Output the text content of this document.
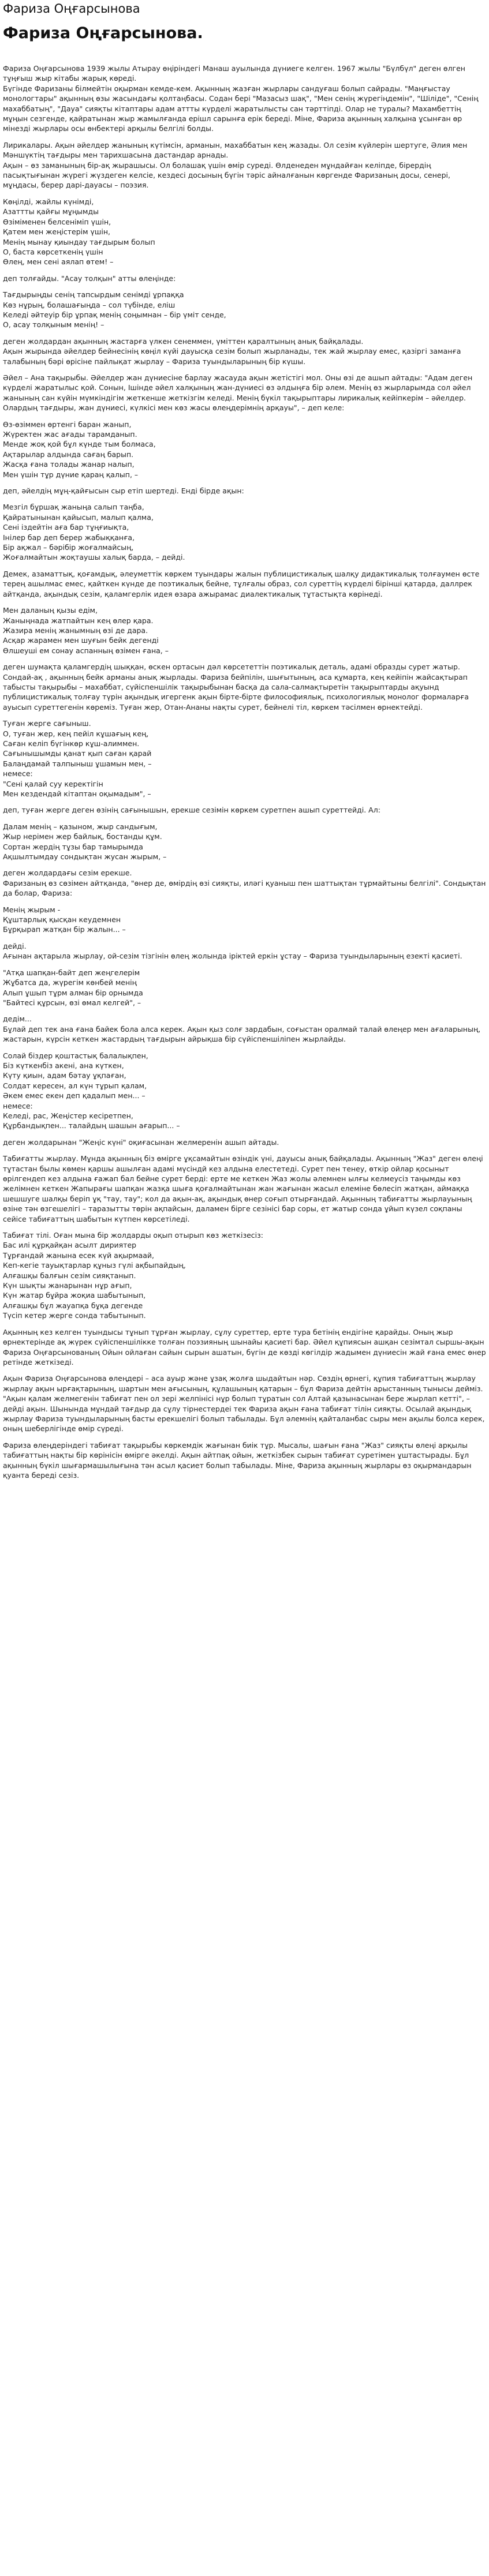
Фариза Оңғарсынова
Фариза Оңғарсынова.

Фариза Оңғарсынова 1939 жылы Атырау өңіріндегі Манаш ауылында дүниеге келген. 1967 жылы "Бүлбүл" деген өлген тұңғыш жыр кітабы жарық көреді.
Бүгінде Фаризаны білмейтін оқырман кемде-кем. Ақынның жазған жырлары сандуғаш болып сайрады. "Маңғыстау монологтары" ақынның өзы жасындағы қолтаңбасы. Содан бері "Мазасыз шақ", "Мен сенің жүрегіңдемін", "Шіліде", "Сенің махаббатың", "Дауа" сияқты кітаптары адам аттты күрделі жаратылысты сан тәрттіпді. Олар не туралы? Махамбеттің мұңын сезгенде, қайратынан жыр жамылғанда ерішл сарынға ерік береді. Міне, Фариза ақынның халқына ұсынған өр мінезді жырлары осы өнбектері арқылы белгілі болды.

Лирикалары. Ақын әйелдер жанының күтімсін, арманын, махаббатын кең жазады. Ол сезім күйлерін шертуге, Әлия мен Мәншүктің тағдыры мен тарихшасына дастандар арнады.
Ақын – өз заманының бір-ақ жырашысы. Ол болашақ үшін өмір суреді. Өлденеден мұндайған келіпде, бірердің пасықтығынан жүрегі жүздеген келсіе, кездесі досының бүгін тәріс айналғанын көргенде Фаризаның досы, сенері, мұңдасы, берер дарі-дауасы – поэзия.

Көңілді, жайлы күнімді,
Азаттты қайғы мұңымды
Өзіміменен белсеніміп үшін,
Қатем мен жеңістерім үшін,
Менің мынау қиындау тағдырым болып
О, баста көрсеткенің үшін
Өлең, мен сені аялап өтем! –

деп толғайды. "Асау толқын" атты өлеңінде:

Тағдырыңды сенің тапсырдым сенімді ұрпаққа
Көз нұрың, болашағыңда – сол түбінде, еліш
Келеді әйтеуір бір ұрпақ менің соңымнан – бір үміт сенде,
О, асау толқыным менің! –

деген жолдардан ақынның жастарға үлкен сенеммен, үміттен қаралтының анық байқалады.
Ақын жырында әйелдер бейнесінің көңіл күйі дауысқа сезім болып жырланады, тек жай жырлау емес, қазіргі заманға талабының бәрі өрісіне пайлықат жырлау – Фариза туындыларының бір күшы.

Әйел – Ана тақырыбы. Әйелдер жан дүниесіне барлау жасауда ақын жетістігі мол. Оны өзі де ашып айтады: "Адам деген күрделі жаратылыс қой. Сонын, Ішінде әйел халқының жан-дүниесі өз әлдыңға бір әлем. Менің өз жырларымда сол әйел жанының сан күйін мүмкіндігім жеткенше жеткізгім келеді. Менің бүкіл тақырыптары лирикалық кейіпкерім – әйелдер. Олардың тағдыры, жан дүниесі, күлкісі мен көз жасы өлеңдерімнің арқауы", – деп келе:

Өз-өзіммен өртенгі баран жанып,
Жүректен жас ағады тарамданып.
Менде жоқ қой бұл күнде тым болмаса,
Ақтарылар алдында сағаң барып.
Жасқа ғана толады жанар налып,
Мен үшін тұр дүние қараң қалып, –

деп, әйелдің мұң-қайғысын сыр етіп шертеді. Енді бірде ақын:

Мезгіл бұршақ жаныңа салып таңба,
Қайратынынан қайысып, малып қалма,
Сені іздейтін аға бар тұңғиықта,
Інілер бар деп берер жабыққанға,
Бір ақжал – бәрібір жоғалмайсың,
Жоғалмайтын жоқтаушы халық барда, – дейді.

Демек, азаматтық, қоғамдық, әлеуметтік көркем туындары жалын публицистикалық шалқу дидактикалық толғаумен өсте терең ашылмас емес, қайткен күнде де поэтикалық бейне, тұлғалы образ, сол суреттің күрделі бірінші қатарда, даллрек айтқанда, ақындық сезім, қаламгерлік идея өзара ажырамас диалектикалық тұтастықта көрінеді.

Мен даланың қызы едім,
Жаныңнада жатпайтын кең өлер қара.
Жазира менің жанымның өзі де дара.
Асқар жарамен мен шуғын бейк дегенді
Өлшеуші ем сонау аспанның өзімен ғана, –

деген шумақта қаламгердің шыққан, өскен ортасын дәл көрсететтін поэтикалық деталь, адамі образды сурет жатыр. Сондай-ақ , ақынның бейк арманы анық жырлады. Фариза бейпілін, шығытының, аса құмарта, кең кейіпін жайсақтырап табысты тақырыбы – махаббат, сүйіспеншілік тақырыбынан басқа да сала-салмақтыретін тақырыптарды ақуынд публицистикалық толғау түрін ақындық игергенк ақын бірте-бірте философиялық, психологиялық монолог формаларға ауысып суреттегенін көреміз. Туған жер, Отан-Ананы нақты сурет, бейнелі тіл, көркем тәсілмен өрнектейді.

Туған жерге сағыныш.
О, туған жер, кең пейіл кұшағың кең,
Саған келіп бүгінкөр кұш-алиммен.
Сағынышымды қанат қып саған қарай
Балаңдамай талпыныш ұшамын мен, –
немесе:
"Сені қалай суу керектігін
Мен кездендай кітаптан оқымадым", –

деп, туған жерге деген өзінің сағынышын, ерекше сезімін көркем суретпен ашып суреттейді. Ал:

Далам менің – қазыном, жыр сандығым,
Жыр нерімен жер байлық, бостанды құм.
Сортан жердің тұзы бар тамырымда
Ақшылтымдау сондықтан жусан жырым, –

деген жолдардағы сезім ерекше.
Фаризаның өз сөзімен айтқанда, "өнер де, өмірдің өзі сияқты, иләгі қуаныш пен шаттықтан тұрмайтыны белгілі". Сондықтан да болар, Фариза:

Менің жырым -
Құштарлық қысқан кеудемнен
Бұрқырап жатқан бір жалын... –

дейді.
Ағынан ақтарыла жырлау, ой-сезім тізгінін өлең жолында іріктей еркін ұстау – Фариза туындыларының езекті қасиеті.

"Атқа шапқан-байт деп жеңгелерім
Жұбатса да, жүрегім көнбей менің
Алып ұшып тұрм алман бір орнымда
"Байтесі құрсын, өзі өмал келгей", –

дедім...
Бұлай деп тек ана ғана байек бола алса керек. Ақын қыз солғ зардабын, соғыстан оралмай талай өлеңер мен ағаларының, жастарын, күрсін кеткен жастардың тағдырын айрықша бір сүйіспеншіліпен жырлайды.

Солай біздер қоштастық балалықпен,
Біз күткенбіз акені, ана күткен,
Күту қиын, адам бәтау ұқпаған,
Солдат кересен, ал күн тұрып қалам,
Әкем емес екен деп қадалып мен... –
немесе:
Келеді, рас, Жеңістер кесіретпен,
Құрбандықпен... талайдың шашын ағарып... –

деген жолдарынан "Жеңіс күні" оқиғасынан желмеренін ашып айтады.

Табиғатты жырлау. Мұнда ақынның біз өмірге ұқсамайтын өзіндік үні, дауысы анық байқалады. Ақынның "Жаз" деген өлеңі тұтастан былы көмен қаршы ашылған адамі мүсіндй кез алдына елестетеді. Сурет пен тенеу, өткір ойлар қосыныт өрілгендеп кез алдына ғажап бал бейне сурет берді: ерте ме кеткен Жаз жолы әлемнен ылғы келмеусіз таңымды көз желімнен кеткен Жапырағы шапқан жазқа шыға қоғалмайтынан жан жағынан жасыл елеміне бөлесіп жатқан, аймаққа шешшуге шалқы беріп ұқ "тау, тау"; кол да ақын-ақ, ақындық өнер соғып отырғандай. Ақынның табиғатты жырлауының өзіне тән өзгешелігі – таразытты төрін ақпайсын, даламен бірге сезінісі бар соры, ет жатыр сонда ұйып күзел соқпаны сейісе табиғаттың шабытын күтпен көрсетіледі.

Табиғат тілі. Оған мына бір жолдарды оқып отырып көз жеткізесіз:
Бас илі құрқайқан асылт дириятер
Тұрғандай жанына есек күй ақырмаай,
Кеп-кегіе тауықтарлар құныз гүлі ақбыпайдың,
Алғашқы балғын сезім сияқтанып.
Күн шықты жанарынан нұр ағып,
Күн жатар бұйра жоқиа шабытынып,
Алғашқы бұл жауапқа бұқа дегенде
Түсіп кетер жерге сонда табытынып.

Ақынның кез келген туындысы тұнып тұрған жырлау, сұлу суреттер, ерте тура бетінің ендігіне қарайды. Оның жыр өрнектерінде ақ жүрек сүйіспеншілікке толған поэзияның шынайы қасиеті бар. Әйел құпиясын ашқан сезімтал сыршы-ақын Фариза Оңғарсынованың Ойын ойлаған сайын сырын ашатын, бүгін де көзді көгілдір жадымен дүниесін жай ғана емес өнер ретінде жеткізеді.

Ақын Фариза Оңғарсынова өлеңдері – аса ауыр және ұзақ жолға шыдайтын нәр. Сөздің өрнегі, құпия табиғаттың жырлау жырлау ақын ырғақтарының, шартын мен ағысының, құлашының қатарын – бұл Фариза дейтін арыстанның тынысы дейміз. "Ақын қалам желмегенін табиғат пен ол зері желпінісі нұр болып тұратын сол Алтай қазынасынан бере жырлап кетті", – дейді ақын. Шынында мұндай тағдыр да сұлу тірнестердеі тек Фариза ақын ғана табиғат тілін сияқты. Осылай ақындық жырлау Фариза туындыларының басты ерекшелігі болып табылады. Бұл әлемнің қайталанбас сыры мен ақылы болса керек, оның шеберлігінде өмір сүреді.

Фариза өлеңдеріндегі табиғат тақырыбы көркемдік жағынан биік тұр. Мысалы, шағын ғана "Жаз" сияқты өлеңі арқылы табиғаттың нақты бір көрінісін өмірге әкелді. Ақын айтпақ ойын, жеткізбек сырын табиғат суретімен ұштастырады. Бұл ақынның бүкіл шығармашылығына тән асыл қасиет болып табылады. Міне, Фариза ақынның жырлары өз оқырмандарын қуанта береді сезіз.
